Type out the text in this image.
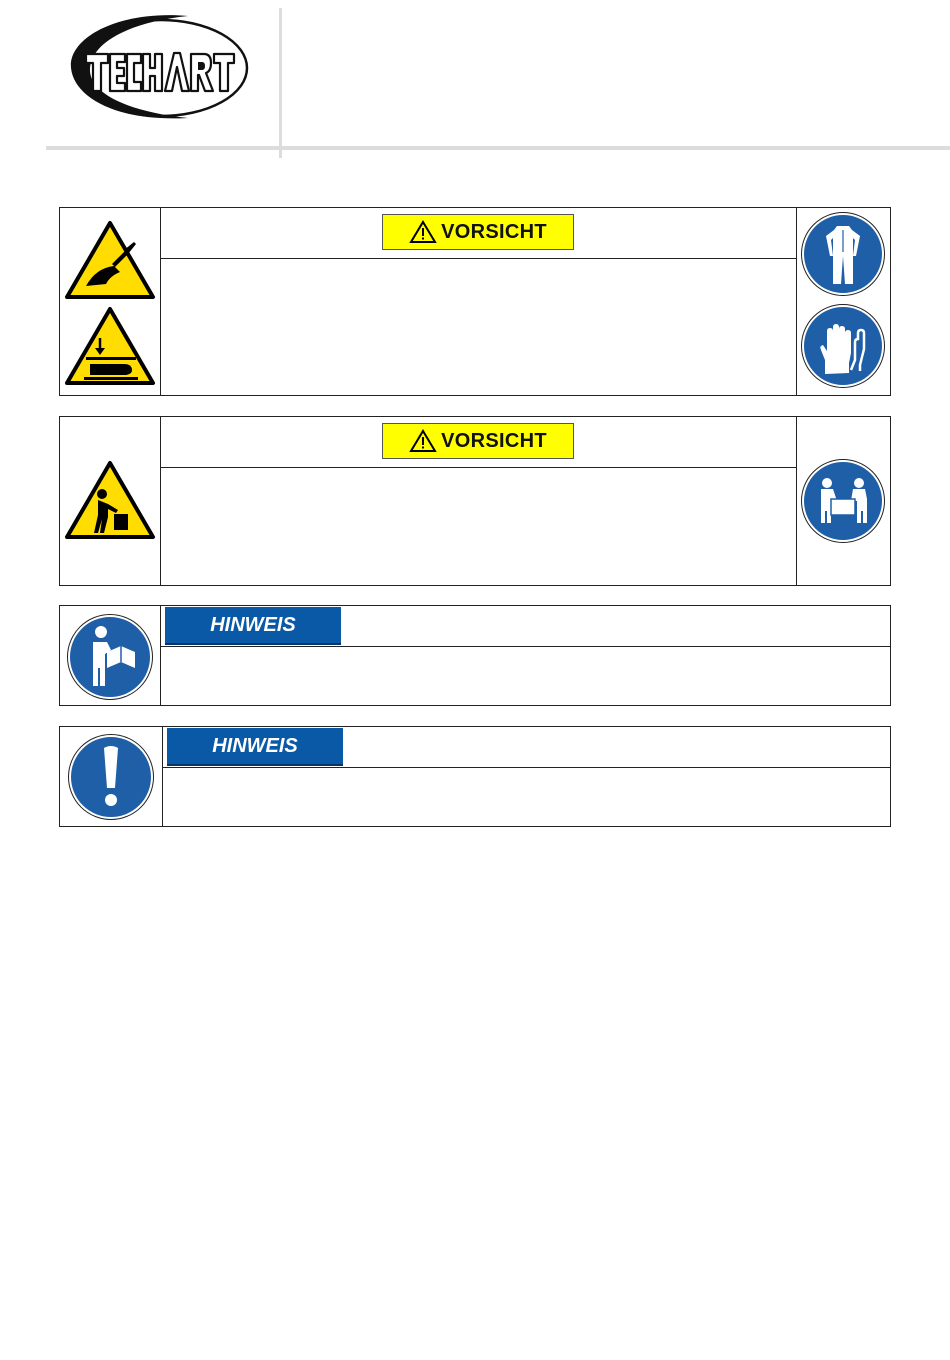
VORSICHT
VORSICHT
HINWEIS
HINWEIS
